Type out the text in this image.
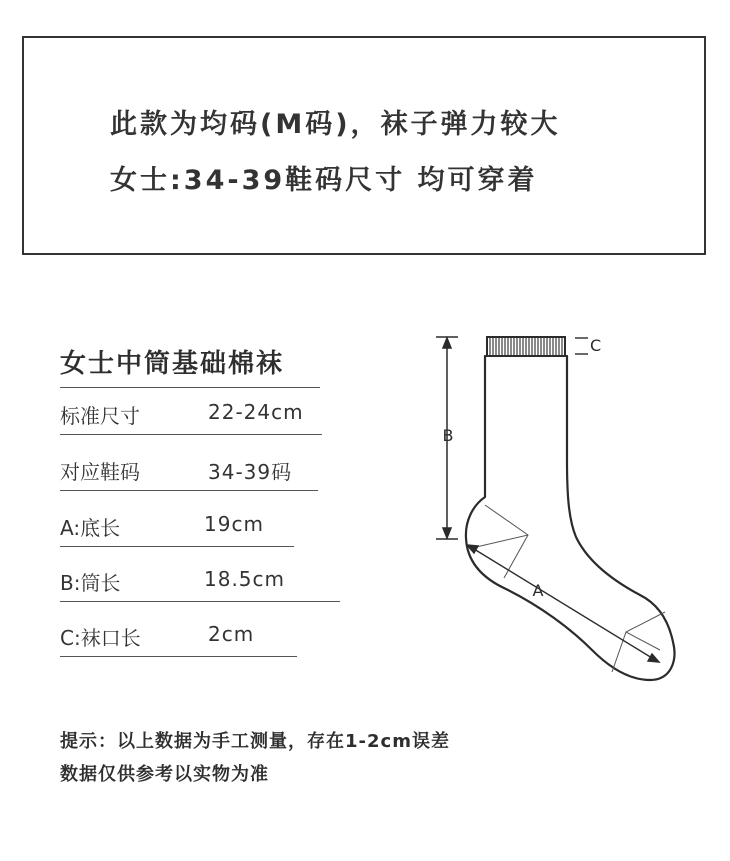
此款为均码(M码)，袜子弹力较大
女士:34-39鞋码尺寸 均可穿着
女士中筒基础棉袜
标准尺寸	22-24cm
对应鞋码	34-39码
A:底长	19cm
B:筒长	18.5cm
C:袜口长	2cm
B
C
A
提示：以上数据为手工测量，存在1-2cm误差
数据仅供参考以实物为准
